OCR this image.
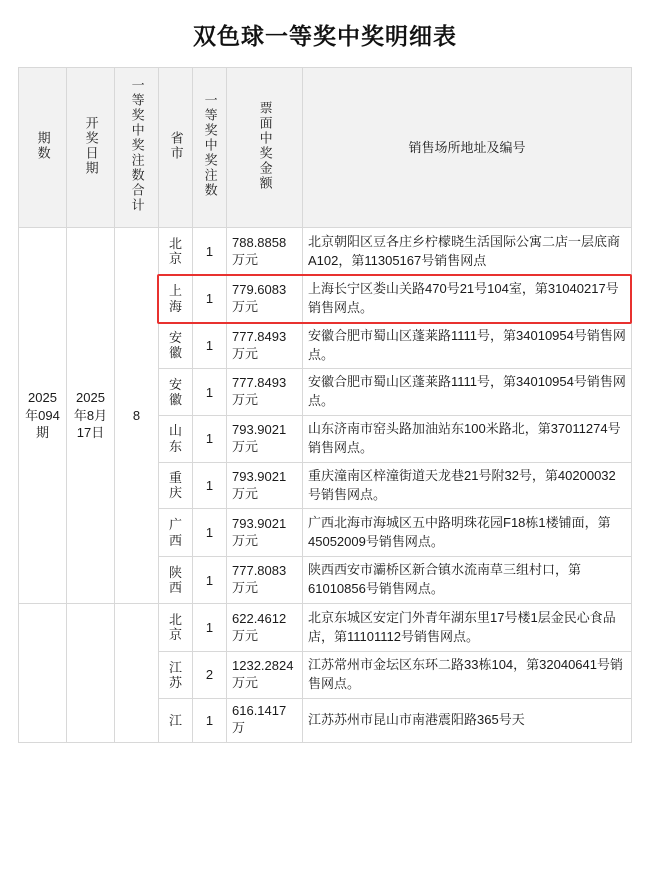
双色球一等奖中奖明细表
期数	开奖日期	一等奖中奖注数合计	省市	一等奖中奖注数	票面中奖金额	销售场所地址及编号
2025年094期	2025年8月17日	8	北京	1	788.8858万元	北京朝阳区豆各庄乡柠檬晓生活国际公寓二店一层底商A102，第11305167号销售网点
			上海	1	779.6083万元	上海长宁区娄山关路470号21号104室，第31040217号销售网点。
			安徽	1	777.8493万元	安徽合肥市蜀山区蓬莱路1111号，第34010954号销售网点。
			安徽	1	777.8493万元	安徽合肥市蜀山区蓬莱路1111号，第34010954号销售网点。
			山东	1	793.9021万元	山东济南市窑头路加油站东100米路北，第37011274号销售网点。
			重庆	1	793.9021万元	重庆潼南区梓潼街道天龙巷21号附32号，第40200032号销售网点。
			广西	1	793.9021万元	广西北海市海城区五中路明珠花园F18栋1楼铺面，第45052009号销售网点。
			陕西	1	777.8083万元	陕西西安市灞桥区新合镇水流南草三组村口，第61010856号销售网点。
			北京	1	622.4612万元	北京东城区安定门外青年湖东里17号楼1层金民心食品店，第11101112号销售网点。
			江苏	2	1232.2824万元	江苏常州市金坛区东环二路33栋104，第32040641号销售网点。
			江	1	616.1417万	江苏苏州市昆山市南港震阳路365号天
